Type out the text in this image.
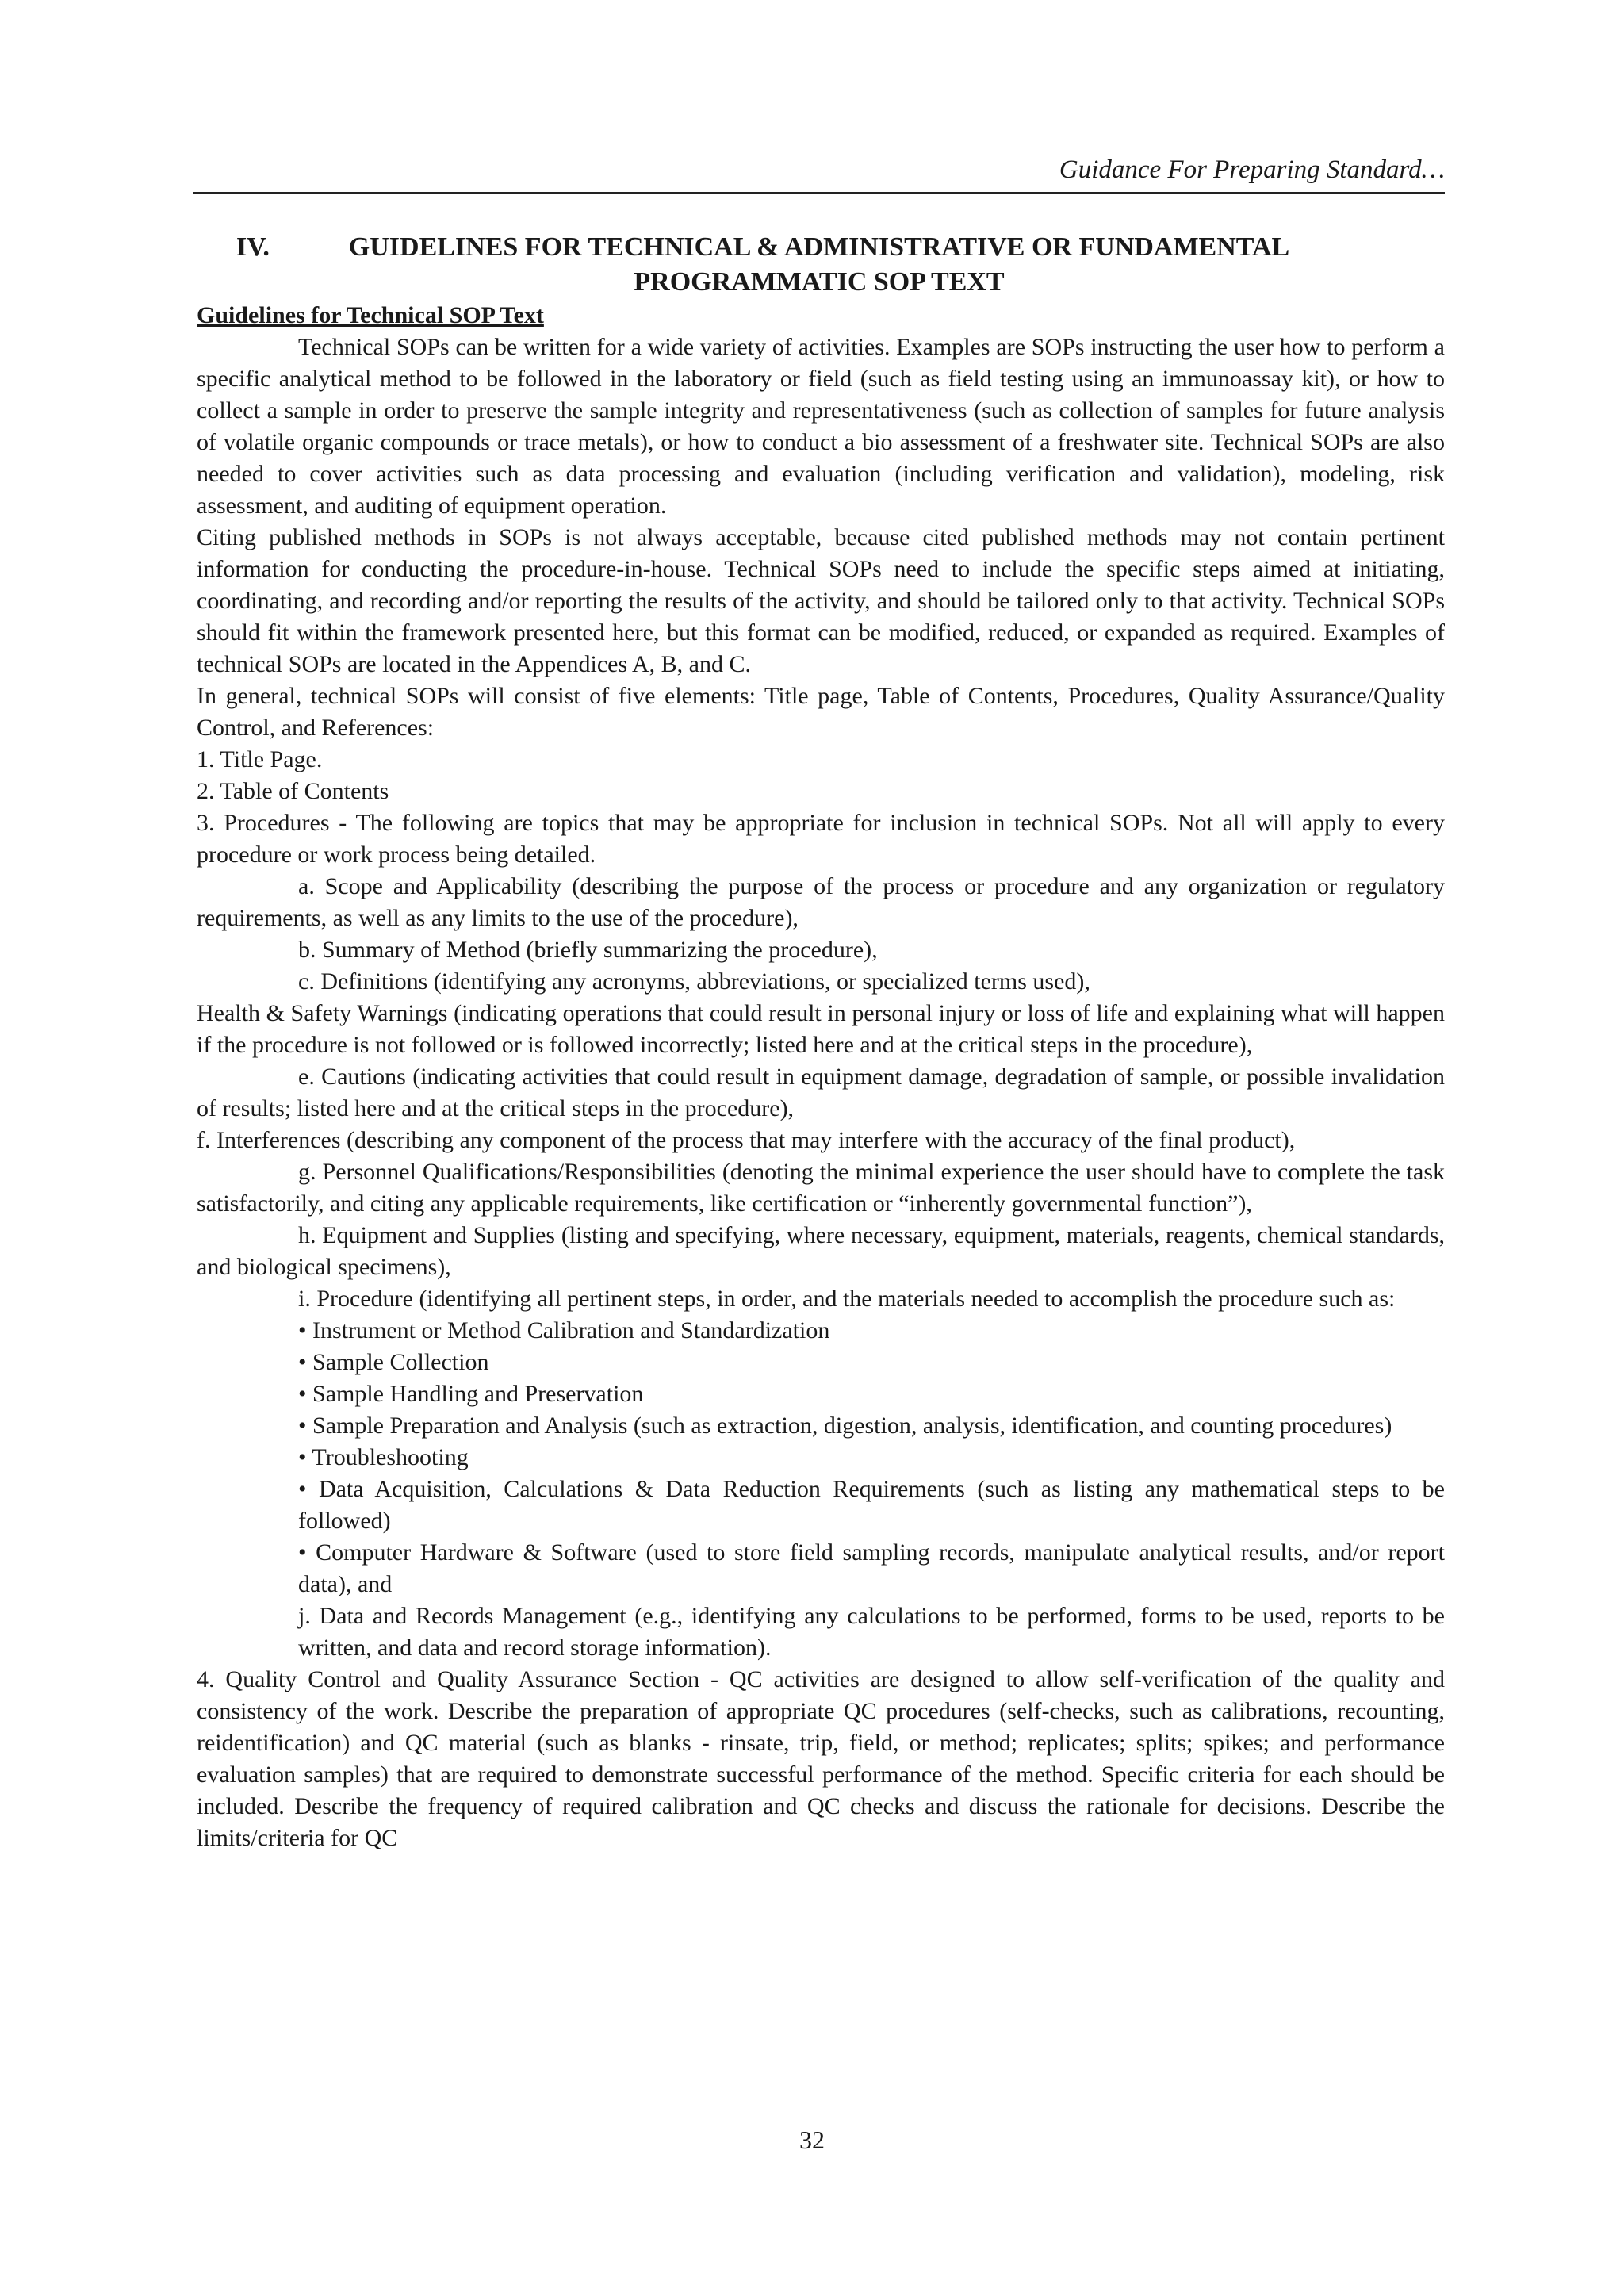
Guidance For Preparing Standard…
IV.	GUIDELINES FOR TECHNICAL & ADMINISTRATIVE OR FUNDAMENTAL
PROGRAMMATIC SOP TEXT

Guidelines for Technical SOP Text

Technical SOPs can be written for a wide variety of activities. Examples are SOPs instructing the user how to perform a specific analytical method to be followed in the laboratory or field (such as field testing using an immunoassay kit), or how to collect a sample in order to preserve the sample integrity and representativeness (such as collection of samples for future analysis of volatile organic compounds or trace metals), or how to conduct a bio assessment of a freshwater site. Technical SOPs are also needed to cover activities such as data processing and evaluation (including verification and validation), modeling, risk assessment, and auditing of equipment operation.

Citing published methods in SOPs is not always acceptable, because cited published methods may not contain pertinent information for conducting the procedure-in-house. Technical SOPs need to include the specific steps aimed at initiating, coordinating, and recording and/or reporting the results of the activity, and should be tailored only to that activity. Technical SOPs should fit within the framework presented here, but this format can be modified, reduced, or expanded as required. Examples of technical SOPs are located in the Appendices A, B, and C.

In general, technical SOPs will consist of five elements: Title page, Table of Contents, Procedures, Quality Assurance/Quality Control, and References:

1. Title Page.

2. Table of Contents

3. Procedures - The following are topics that may be appropriate for inclusion in technical SOPs. Not all will apply to every procedure or work process being detailed.

a. Scope and Applicability (describing the purpose of the process or procedure and any organization or regulatory requirements, as well as any limits to the use of the procedure),

b. Summary of Method (briefly summarizing the procedure),

c. Definitions (identifying any acronyms, abbreviations, or specialized terms used),

Health & Safety Warnings (indicating operations that could result in personal injury or loss of life and explaining what will happen if the procedure is not followed or is followed incorrectly; listed here and at the critical steps in the procedure),

e. Cautions (indicating activities that could result in equipment damage, degradation of sample, or possible invalidation of results; listed here and at the critical steps in the procedure),

f. Interferences (describing any component of the process that may interfere with the accuracy of the final product),

g. Personnel Qualifications/Responsibilities (denoting the minimal experience the user should have to complete the task satisfactorily, and citing any applicable requirements, like certification or “inherently governmental function”),

h. Equipment and Supplies (listing and specifying, where necessary, equipment, materials, reagents, chemical standards, and biological specimens),

i. Procedure (identifying all pertinent steps, in order, and the materials needed to accomplish the procedure such as:

• Instrument or Method Calibration and Standardization

• Sample Collection

• Sample Handling and Preservation

• Sample Preparation and Analysis (such as extraction, digestion, analysis, identification, and counting procedures)

• Troubleshooting

• Data Acquisition, Calculations & Data Reduction Requirements (such as listing any mathematical steps to be followed)

• Computer Hardware & Software (used to store field sampling records, manipulate analytical results, and/or report data), and

j. Data and Records Management (e.g., identifying any calculations to be performed, forms to be used, reports to be written, and data and record storage information).

4. Quality Control and Quality Assurance Section - QC activities are designed to allow self-verification of the quality and consistency of the work. Describe the preparation of appropriate QC procedures (self-checks, such as calibrations, recounting, reidentification) and QC material (such as blanks - rinsate, trip, field, or method; replicates; splits; spikes; and performance evaluation samples) that are required to demonstrate successful performance of the method. Specific criteria for each should be included. Describe the frequency of required calibration and QC checks and discuss the rationale for decisions. Describe the limits/criteria for QC

32
